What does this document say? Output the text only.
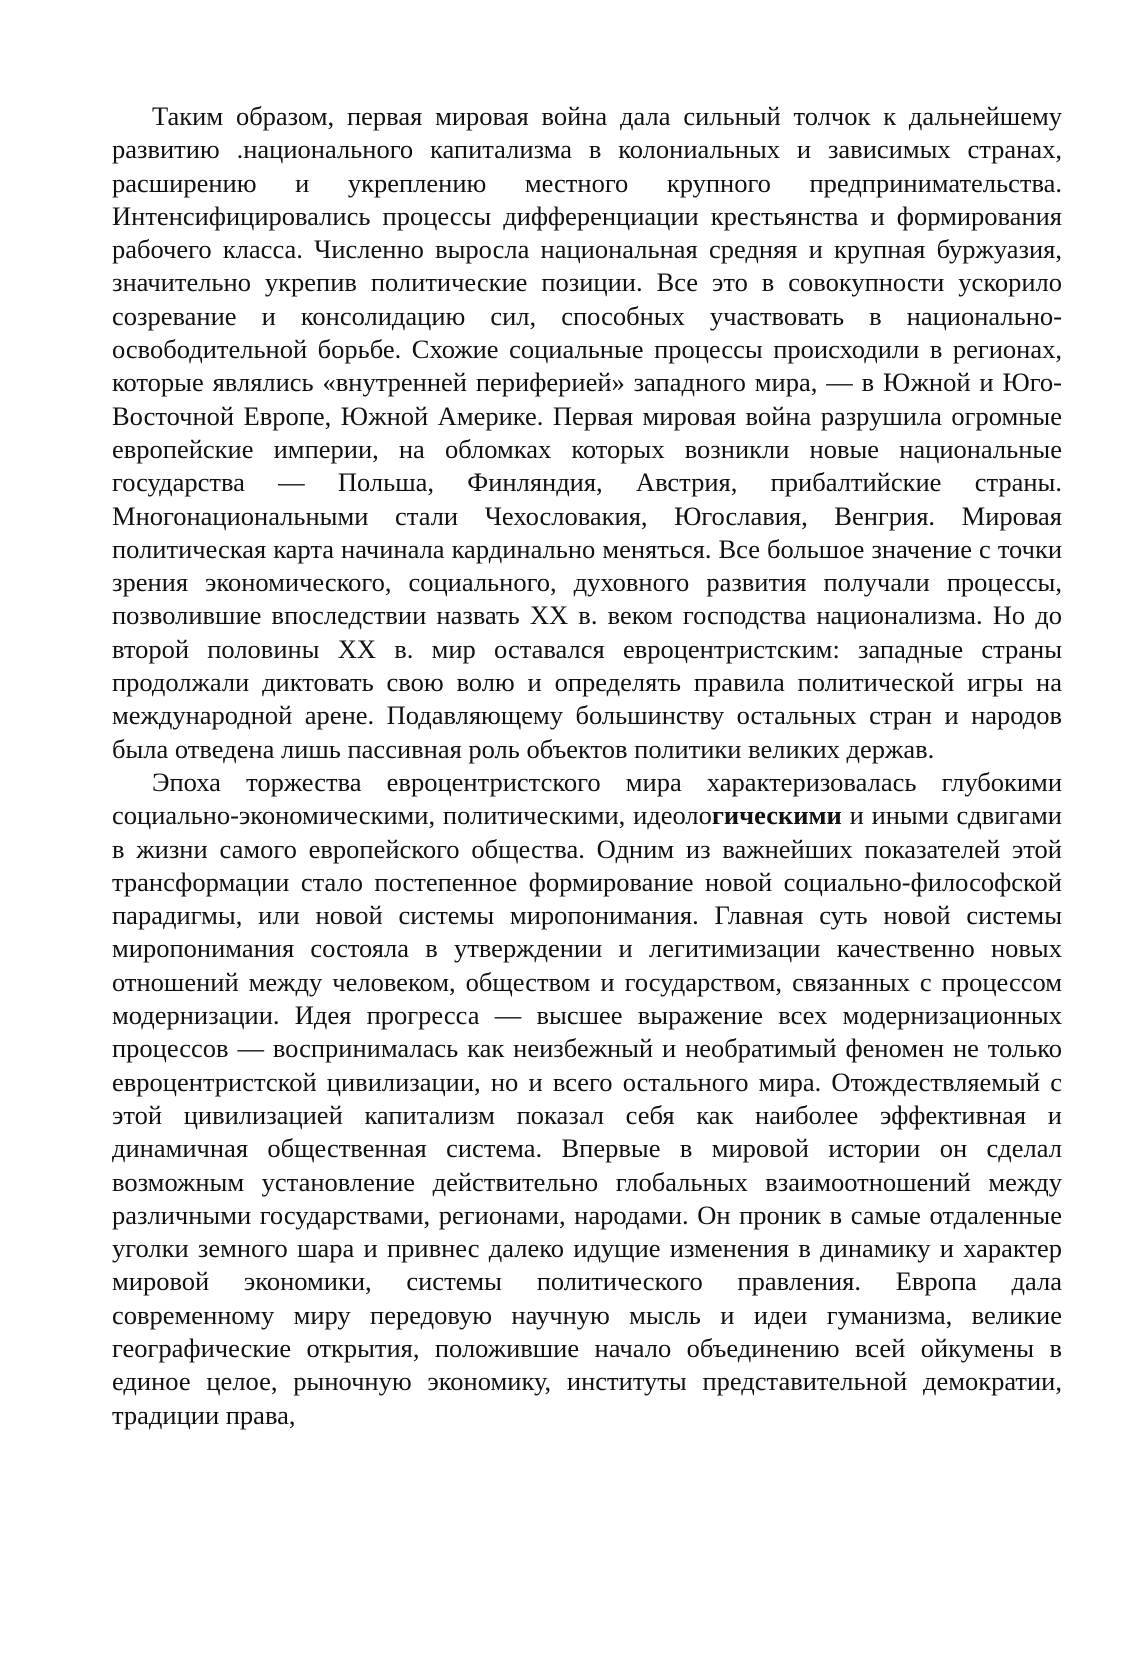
Таким образом, первая мировая война дала сильный толчок к дальнейшему развитию .национального капитализма в колониальных и зависимых странах, расширению и укреплению местного крупного предпринимательства. Интенсифицировались процессы дифференциации крестьянства и формирования рабочего класса. Численно выросла национальная средняя и крупная буржуазия, значительно укрепив политические позиции. Все это в совокупности ускорило созревание и консолидацию сил, способных участвовать в национально-освободительной борьбе. Схожие социальные процессы происходили в регионах, которые являлись «внутренней периферией» западного мира, — в Южной и Юго-Восточной Европе, Южной Америке. Первая мировая война разрушила огромные европейские империи, на обломках которых возникли новые национальные государства — Польша, Финляндия, Австрия, прибалтийские страны. Многонациональными стали Чехословакия, Югославия, Венгрия. Мировая политическая карта начинала кардинально меняться. Все большое значение с точки зрения экономического, социального, духовного развития получали процессы, позволившие впоследствии назвать XX в. веком господства национализма. Но до второй половины XX в. мир оставался евроцентристским: западные страны продолжали диктовать свою волю и определять правила политической игры на международной арене. Подавляющему большинству остальных стран и народов была отведена лишь пассивная роль объектов политики великих держав.

Эпоха торжества евроцентристского мира характеризовалась глубокими социально-экономическими, политическими, идеологическими и иными сдвигами в жизни самого европейского общества. Одним из важнейших показателей этой трансформации стало постепенное формирование новой социально-философской парадигмы, или новой системы миропонимания. Главная суть новой системы миропонимания состояла в утверждении и легитимизации качественно новых отношений между человеком, обществом и государством, связанных с процессом модернизации. Идея прогресса — высшее выражение всех модернизационных процессов — воспринималась как неизбежный и необратимый феномен не только евроцентристской цивилизации, но и всего остального мира. Отождествляемый с этой цивилизацией капитализм показал себя как наиболее эффективная и динамичная общественная система. Впервые в мировой истории он сделал возможным установление действительно глобальных взаимоотношений между различными государствами, регионами, народами. Он проник в самые отдаленные уголки земного шара и привнес далеко идущие изменения в динамику и характер мировой экономики, системы политического правления. Европа дала современному миру передовую научную мысль и идеи гуманизма, великие географические открытия, положившие начало объединению всей ойкумены в единое целое, рыночную экономику, институты представительной демократии, традиции права,
